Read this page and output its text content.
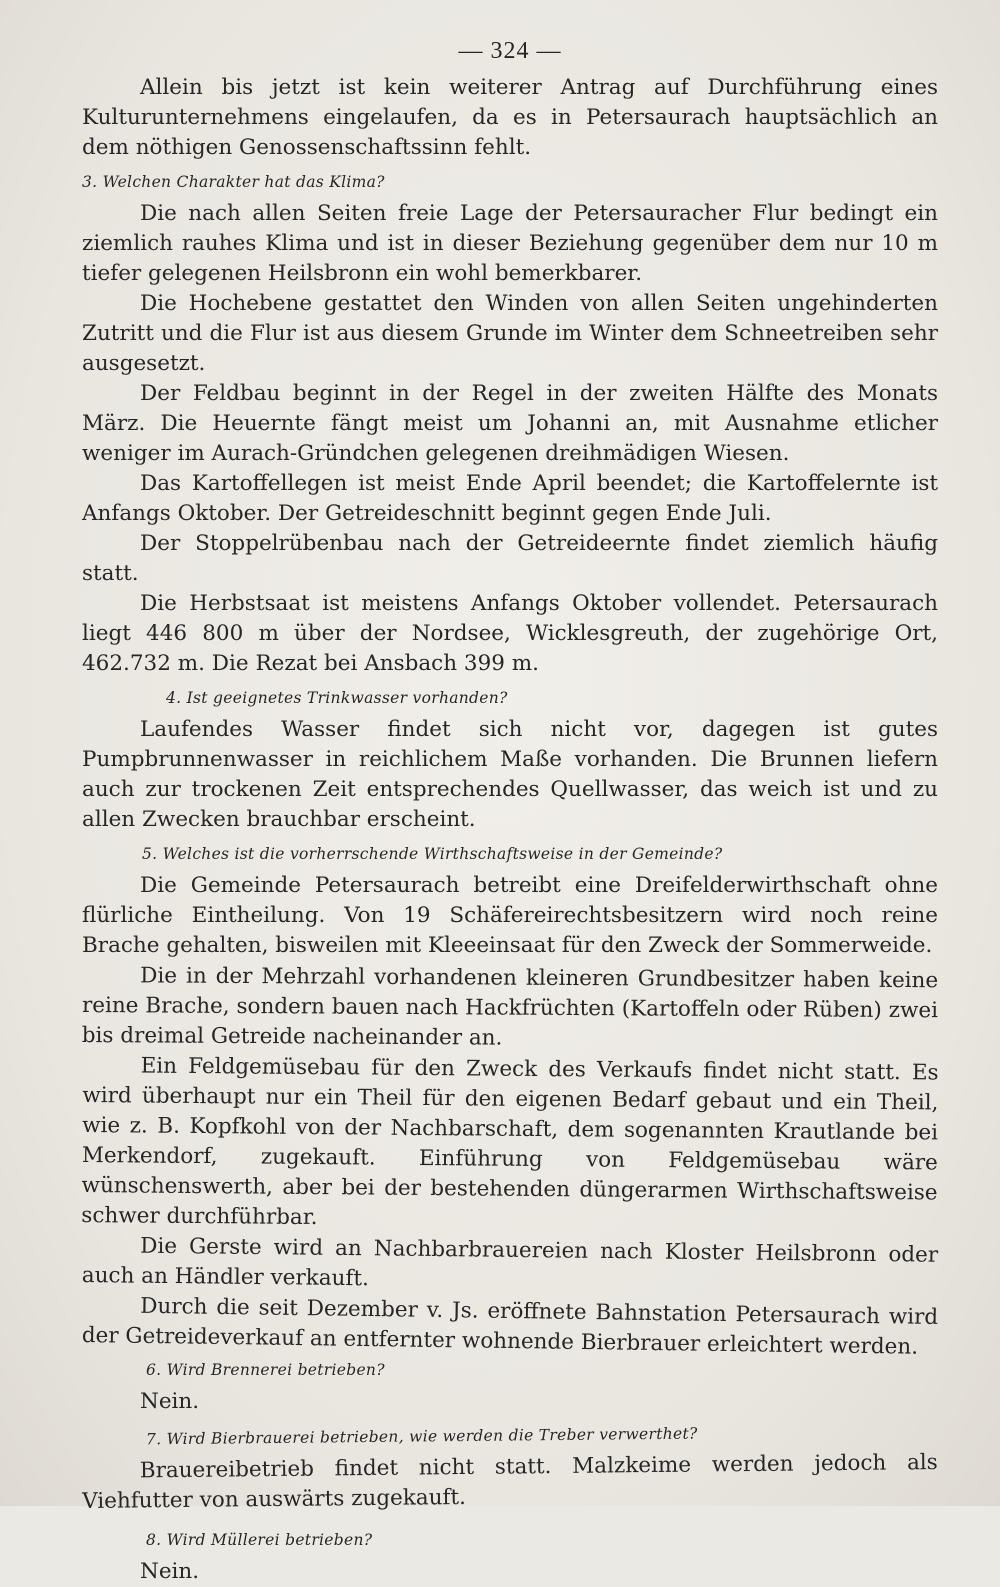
— 324 —

Allein bis jetzt ist kein weiterer Antrag auf Durchführung eines Kulturunternehmens eingelaufen, da es in Petersaurach hauptsächlich an dem nöthigen Genossenschaftssinn fehlt.

3. Welchen Charakter hat das Klima?

Die nach allen Seiten freie Lage der Petersauracher Flur bedingt ein ziemlich rauhes Klima und ist in dieser Beziehung gegenüber dem nur 10 m tiefer gelegenen Heilsbronn ein wohl bemerkbarer.

Die Hochebene gestattet den Winden von allen Seiten ungehinderten Zutritt und die Flur ist aus diesem Grunde im Winter dem Schneetreiben sehr ausgesetzt.

Der Feldbau beginnt in der Regel in der zweiten Hälfte des Monats März. Die Heuernte fängt meist um Johanni an, mit Ausnahme etlicher weniger im Aurach-Gründchen gelegenen dreihmädigen Wiesen.

Das Kartoffellegen ist meist Ende April beendet; die Kartoffelernte ist Anfangs Oktober. Der Getreideschnitt beginnt gegen Ende Juli.

Der Stoppelrübenbau nach der Getreideernte findet ziemlich häufig statt.

Die Herbstsaat ist meistens Anfangs Oktober vollendet. Petersaurach liegt 446 800 m über der Nordsee, Wicklesgreuth, der zugehörige Ort, 462.732 m. Die Rezat bei Ansbach 399 m.

4. Ist geeignetes Trinkwasser vorhanden?

Laufendes Wasser findet sich nicht vor, dagegen ist gutes Pumpbrunnenwasser in reichlichem Maße vorhanden. Die Brunnen liefern auch zur trockenen Zeit entsprechendes Quellwasser, das weich ist und zu allen Zwecken brauchbar erscheint.

5. Welches ist die vorherrschende Wirthschaftsweise in der Gemeinde?

Die Gemeinde Petersaurach betreibt eine Dreifelderwirthschaft ohne flürliche Eintheilung. Von 19 Schäfereirechtsbesitzern wird noch reine Brache gehalten, bisweilen mit Kleeeinsaat für den Zweck der Sommerweide.

Die in der Mehrzahl vorhandenen kleineren Grundbesitzer haben keine reine Brache, sondern bauen nach Hackfrüchten (Kartoffeln oder Rüben) zwei bis dreimal Getreide nacheinander an.

Ein Feldgemüsebau für den Zweck des Verkaufs findet nicht statt. Es wird überhaupt nur ein Theil für den eigenen Bedarf gebaut und ein Theil, wie z. B. Kopfkohl von der Nachbarschaft, dem sogenannten Krautlande bei Merkendorf, zugekauft. Einführung von Feldgemüsebau wäre wünschenswerth, aber bei der bestehenden düngerarmen Wirthschaftsweise schwer durchführbar.

Die Gerste wird an Nachbarbrauereien nach Kloster Heilsbronn oder auch an Händler verkauft.

Durch die seit Dezember v. Js. eröffnete Bahnstation Petersaurach wird der Getreideverkauf an entfernter wohnende Bierbrauer erleichtert werden.

6. Wird Brennerei betrieben?

Nein.

7. Wird Bierbrauerei betrieben, wie werden die Treber verwerthet?

Brauereibetrieb findet nicht statt. Malzkeime werden jedoch als Viehfutter von auswärts zugekauft.

8. Wird Müllerei betrieben?

Nein.
